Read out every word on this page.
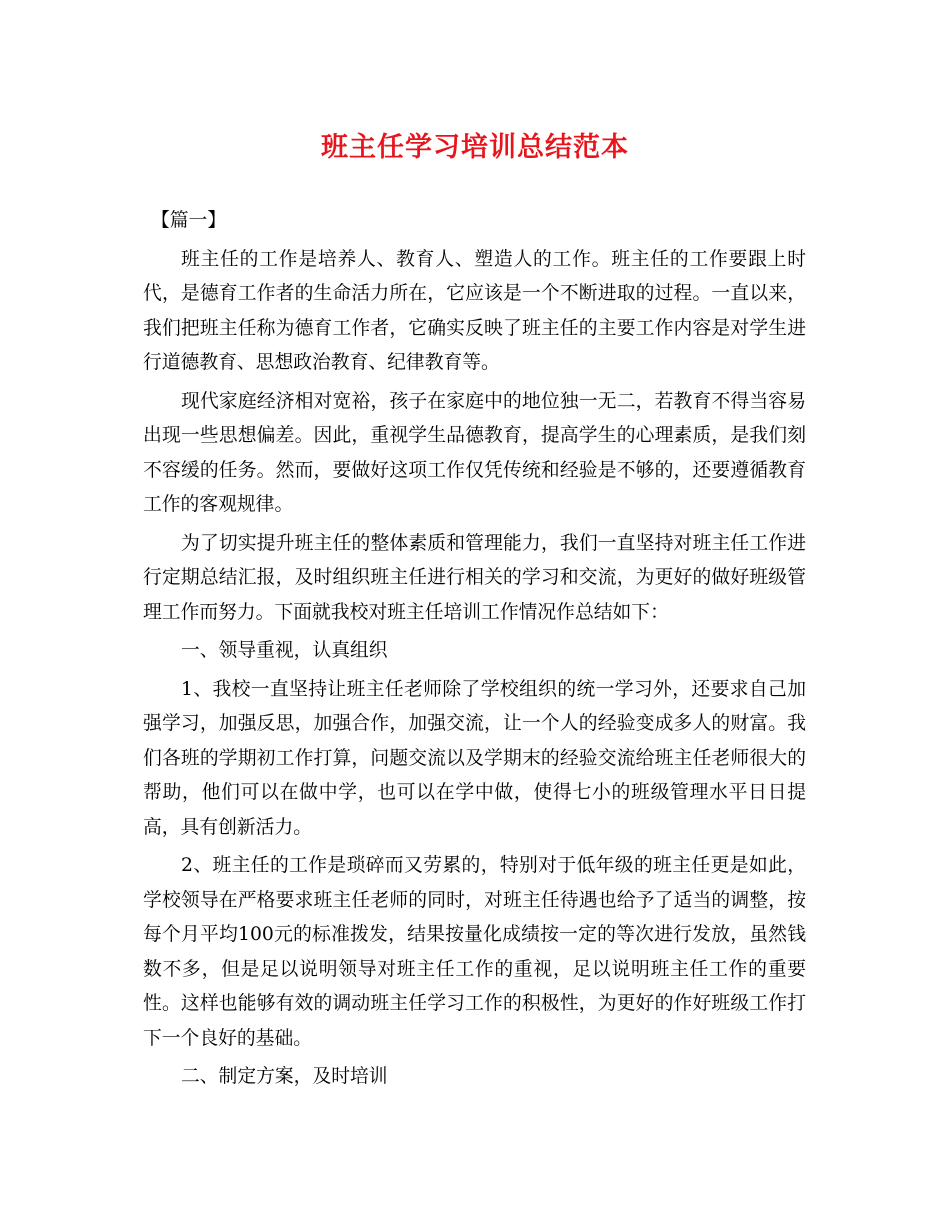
班主任学习培训总结范本

【篇一】

班主任的工作是培养人、教育人、塑造人的工作。班主任的工作要跟上时代，是德育工作者的生命活力所在，它应该是一个不断进取的过程。一直以来，我们把班主任称为德育工作者，它确实反映了班主任的主要工作内容是对学生进行道德教育、思想政治教育、纪律教育等。

现代家庭经济相对宽裕，孩子在家庭中的地位独一无二，若教育不得当容易出现一些思想偏差。因此，重视学生品德教育，提高学生的心理素质，是我们刻不容缓的任务。然而，要做好这项工作仅凭传统和经验是不够的，还要遵循教育工作的客观规律。

为了切实提升班主任的整体素质和管理能力，我们一直坚持对班主任工作进行定期总结汇报，及时组织班主任进行相关的学习和交流，为更好的做好班级管理工作而努力。下面就我校对班主任培训工作情况作总结如下：

一、领导重视，认真组织

1、我校一直坚持让班主任老师除了学校组织的统一学习外，还要求自己加强学习，加强反思，加强合作，加强交流，让一个人的经验变成多人的财富。我们各班的学期初工作打算，问题交流以及学期末的经验交流给班主任老师很大的帮助，他们可以在做中学，也可以在学中做，使得七小的班级管理水平日日提高，具有创新活力。

2、班主任的工作是琐碎而又劳累的，特别对于低年级的班主任更是如此，学校领导在严格要求班主任老师的同时，对班主任待遇也给予了适当的调整，按每个月平均100元的标准拨发，结果按量化成绩按一定的等次进行发放，虽然钱数不多，但是足以说明领导对班主任工作的重视，足以说明班主任工作的重要性。这样也能够有效的调动班主任学习工作的积极性，为更好的作好班级工作打下一个良好的基础。

二、制定方案，及时培训
